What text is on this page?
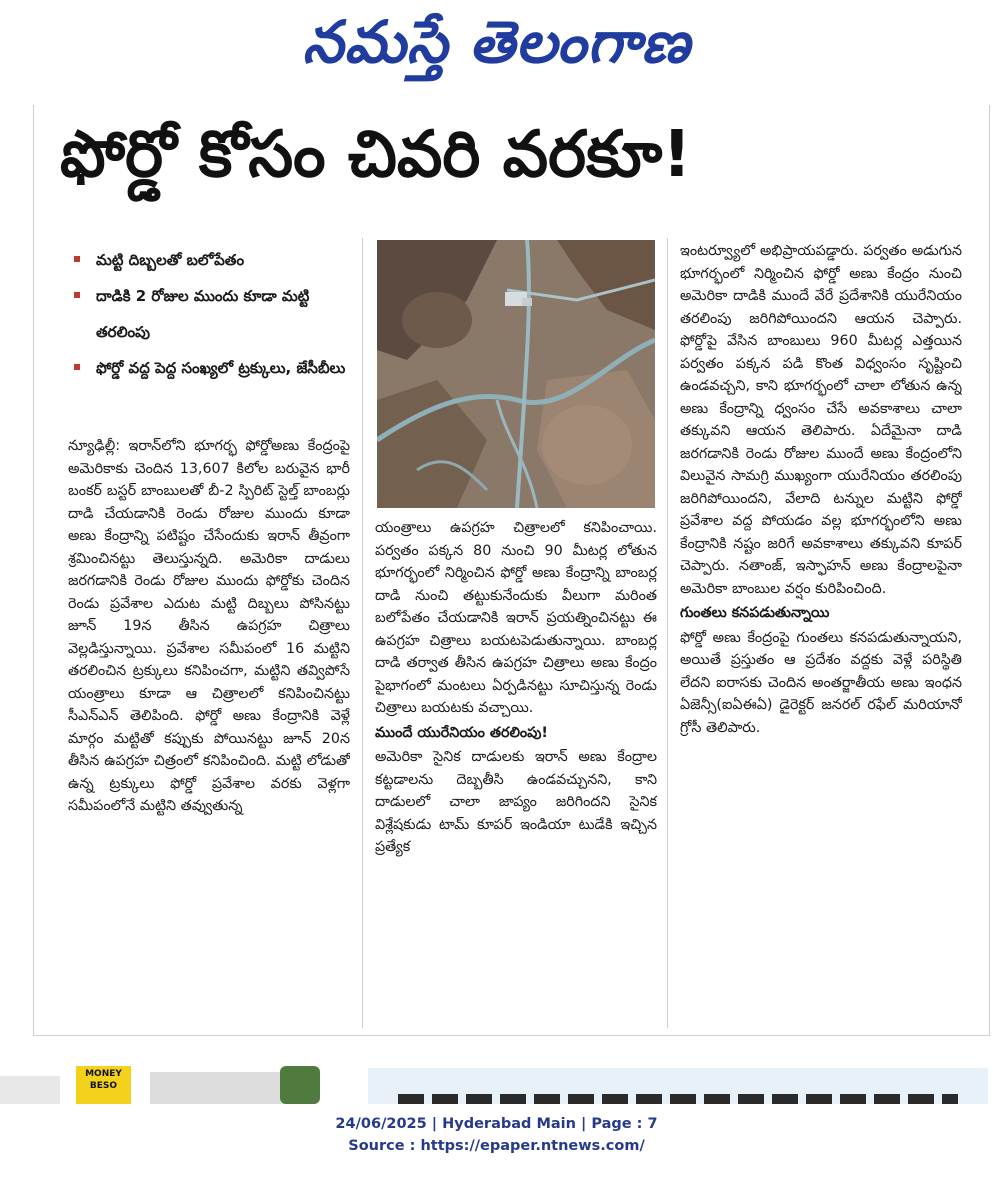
నమస్తే తెలంగాణ
ఫోర్డో కోసం చివరి వరకూ!
మట్టి దిబ్బలతో బలోపేతం
దాడికి 2 రోజుల ముందు కూడా మట్టి తరలింపు
ఫోర్డో వద్ద పెద్ద సంఖ్యలో ట్రక్కులు, జేసీబీలు

న్యూఢిల్లీ: ఇరాన్‌లోని భూగర్భ ఫోర్డోఅణు కేంద్రంపై అమెరికాకు చెందిన 13,607 కిలోల బరువైన భారీ బంకర్ బస్టర్ బాంబులతో బీ-2 స్పిరిట్ స్టెల్త్ బాంబర్లు దాడి చేయడానికి రెండు రోజుల ముందు కూడా అణు కేంద్రాన్ని పటిష్టం చేసేందుకు ఇరాన్ తీవ్రంగా శ్రమించినట్టు తెలుస్తున్నది. అమెరికా దాడులు జరగడానికి రెండు రోజుల ముందు ఫోర్డోకు చెందిన రెండు ప్రవేశాల ఎదుట మట్టి దిబ్బలు పోసినట్టు జూన్ 19న తీసిన ఉపగ్రహ చిత్రాలు వెల్లడిస్తున్నాయి. ప్రవేశాల సమీపంలో 16 మట్టిని తరలించిన ట్రక్కులు కనిపించగా, మట్టిని తవ్విపోసే యంత్రాలు కూడా ఆ చిత్రాలలో కనిపించినట్టు సీఎన్ఎన్ తెలిపింది. ఫోర్డో అణు కేంద్రానికి వెళ్లే మార్గం మట్టితో కప్పుకు పోయినట్టు జూన్ 20న తీసిన ఉపగ్రహ చిత్రంలో కనిపించింది. మట్టి లోడుతో ఉన్న ట్రక్కులు ఫోర్డో ప్రవేశాల వరకు వెళ్లగా సమీపంలోనే మట్టిని తవ్వుతున్న

యంత్రాలు ఉపగ్రహ చిత్రాలలో కనిపించాయి. పర్వతం పక్కన 80 నుంచి 90 మీటర్ల లోతున భూగర్భంలో నిర్మించిన ఫోర్డో అణు కేంద్రాన్ని బాంబర్ల దాడి నుంచి తట్టుకునేందుకు వీలుగా మరింత బలోపేతం చేయడానికి ఇరాన్ ప్రయత్నించినట్టు ఈ ఉపగ్రహ చిత్రాలు బయటపెడుతున్నాయి. బాంబర్ల దాడి తర్వాత తీసిన ఉపగ్రహ చిత్రాలు అణు కేంద్రం పైభాగంలో మంటలు ఏర్పడినట్టు సూచిస్తున్న రెండు చిత్రాలు బయటకు వచ్చాయి.

ముందే యురేనియం తరలింపు!

అమెరికా సైనిక దాడులకు ఇరాన్ అణు కేంద్రాల కట్టడాలను దెబ్బతీసి ఉండవచ్చునని, కాని దాడులలో చాలా జాప్యం జరిగిందని సైనిక విశ్లేషకుడు టామ్ కూపర్ ఇండియా టుడేకి ఇచ్చిన ప్రత్యేక

ఇంటర్వ్యూలో అభిప్రాయపడ్డారు. పర్వతం అడుగున భూగర్భంలో నిర్మించిన ఫోర్డో అణు కేంద్రం నుంచి అమెరికా దాడికి ముందే వేరే ప్రదేశానికి యురేనియం తరలింపు జరిగిపోయిందని ఆయన చెప్పారు. ఫోర్డోపై వేసిన బాంబులు 960 మీటర్ల ఎత్తయిన పర్వతం పక్కన పడి కొంత విధ్వంసం సృష్టించి ఉండవచ్చని, కాని భూగర్భంలో చాలా లోతున ఉన్న అణు కేంద్రాన్ని ధ్వంసం చేసే అవకాశాలు చాలా తక్కువని ఆయన తెలిపారు. ఏదేమైనా దాడి జరగడానికి రెండు రోజుల ముందే అణు కేంద్రంలోని విలువైన సామగ్రి ముఖ్యంగా యురేనియం తరలింపు జరిగిపోయిందని, వేలాది టన్నుల మట్టిని ఫోర్డో ప్రవేశాల వద్ద పోయడం వల్ల భూగర్భంలోని అణు కేంద్రానికి నష్టం జరిగే అవకాశాలు తక్కువని కూపర్ చెప్పారు. నతాంజ్, ఇస్ఫాహన్ అణు కేంద్రాలపైనా అమెరికా బాంబుల వర్షం కురిపించింది.

గుంతలు కనపడుతున్నాయి

ఫోర్డో అణు కేంద్రంపై గుంతలు కనపడుతున్నాయని, అయితే ప్రస్తుతం ఆ ప్రదేశం వద్దకు వెళ్లే పరిస్థితి లేదని ఐరాసకు చెందిన అంతర్జాతీయ అణు ఇంధన ఏజెన్సీ(ఐఏఈఏ) డైరెక్టర్ జనరల్ రఫేల్ మరియానో గ్రోసీ తెలిపారు.

MONEY BESO
24/06/2025 | Hyderabad Main | Page : 7
Source : https://epaper.ntnews.com/
